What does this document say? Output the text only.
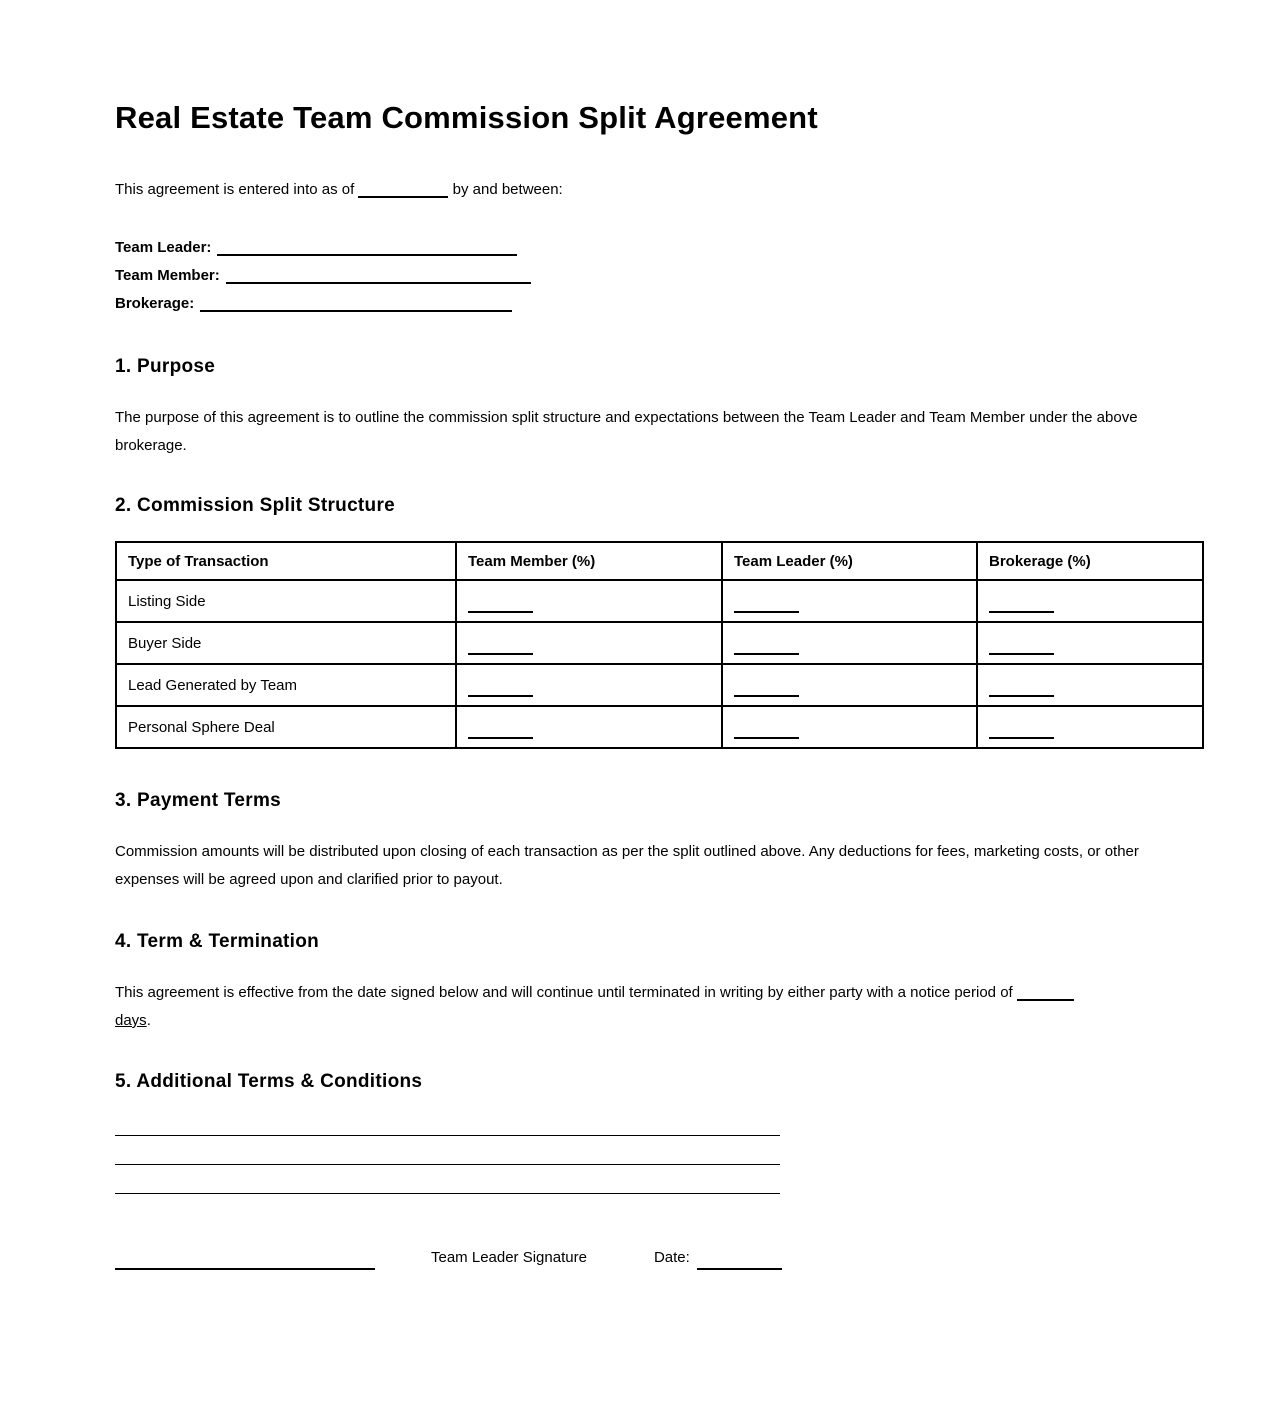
Real Estate Team Commission Split Agreement

This agreement is entered into as of	by and between:

Team Leader:
Team Member:
Brokerage:
1. Purpose

The purpose of this agreement is to outline the commission split structure and expectations between the Team Leader and Team Member under the above brokerage.

2. Commission Split Structure
Type of Transaction	Team Member (%)	Team Leader (%)	Brokerage (%)
Listing Side	

Buyer Side	

Lead Generated by Team	

Personal Sphere Deal	

3. Payment Terms

Commission amounts will be distributed upon closing of each transaction as per the split outlined above. Any deductions for fees, marketing costs, or other expenses will be agreed upon and clarified prior to payout.

4. Term & Termination

This agreement is effective from the date signed below and will continue until terminated in writing by either party with a notice period of
days.

5. Additional Terms & Conditions
Team Leader Signature	Date:
